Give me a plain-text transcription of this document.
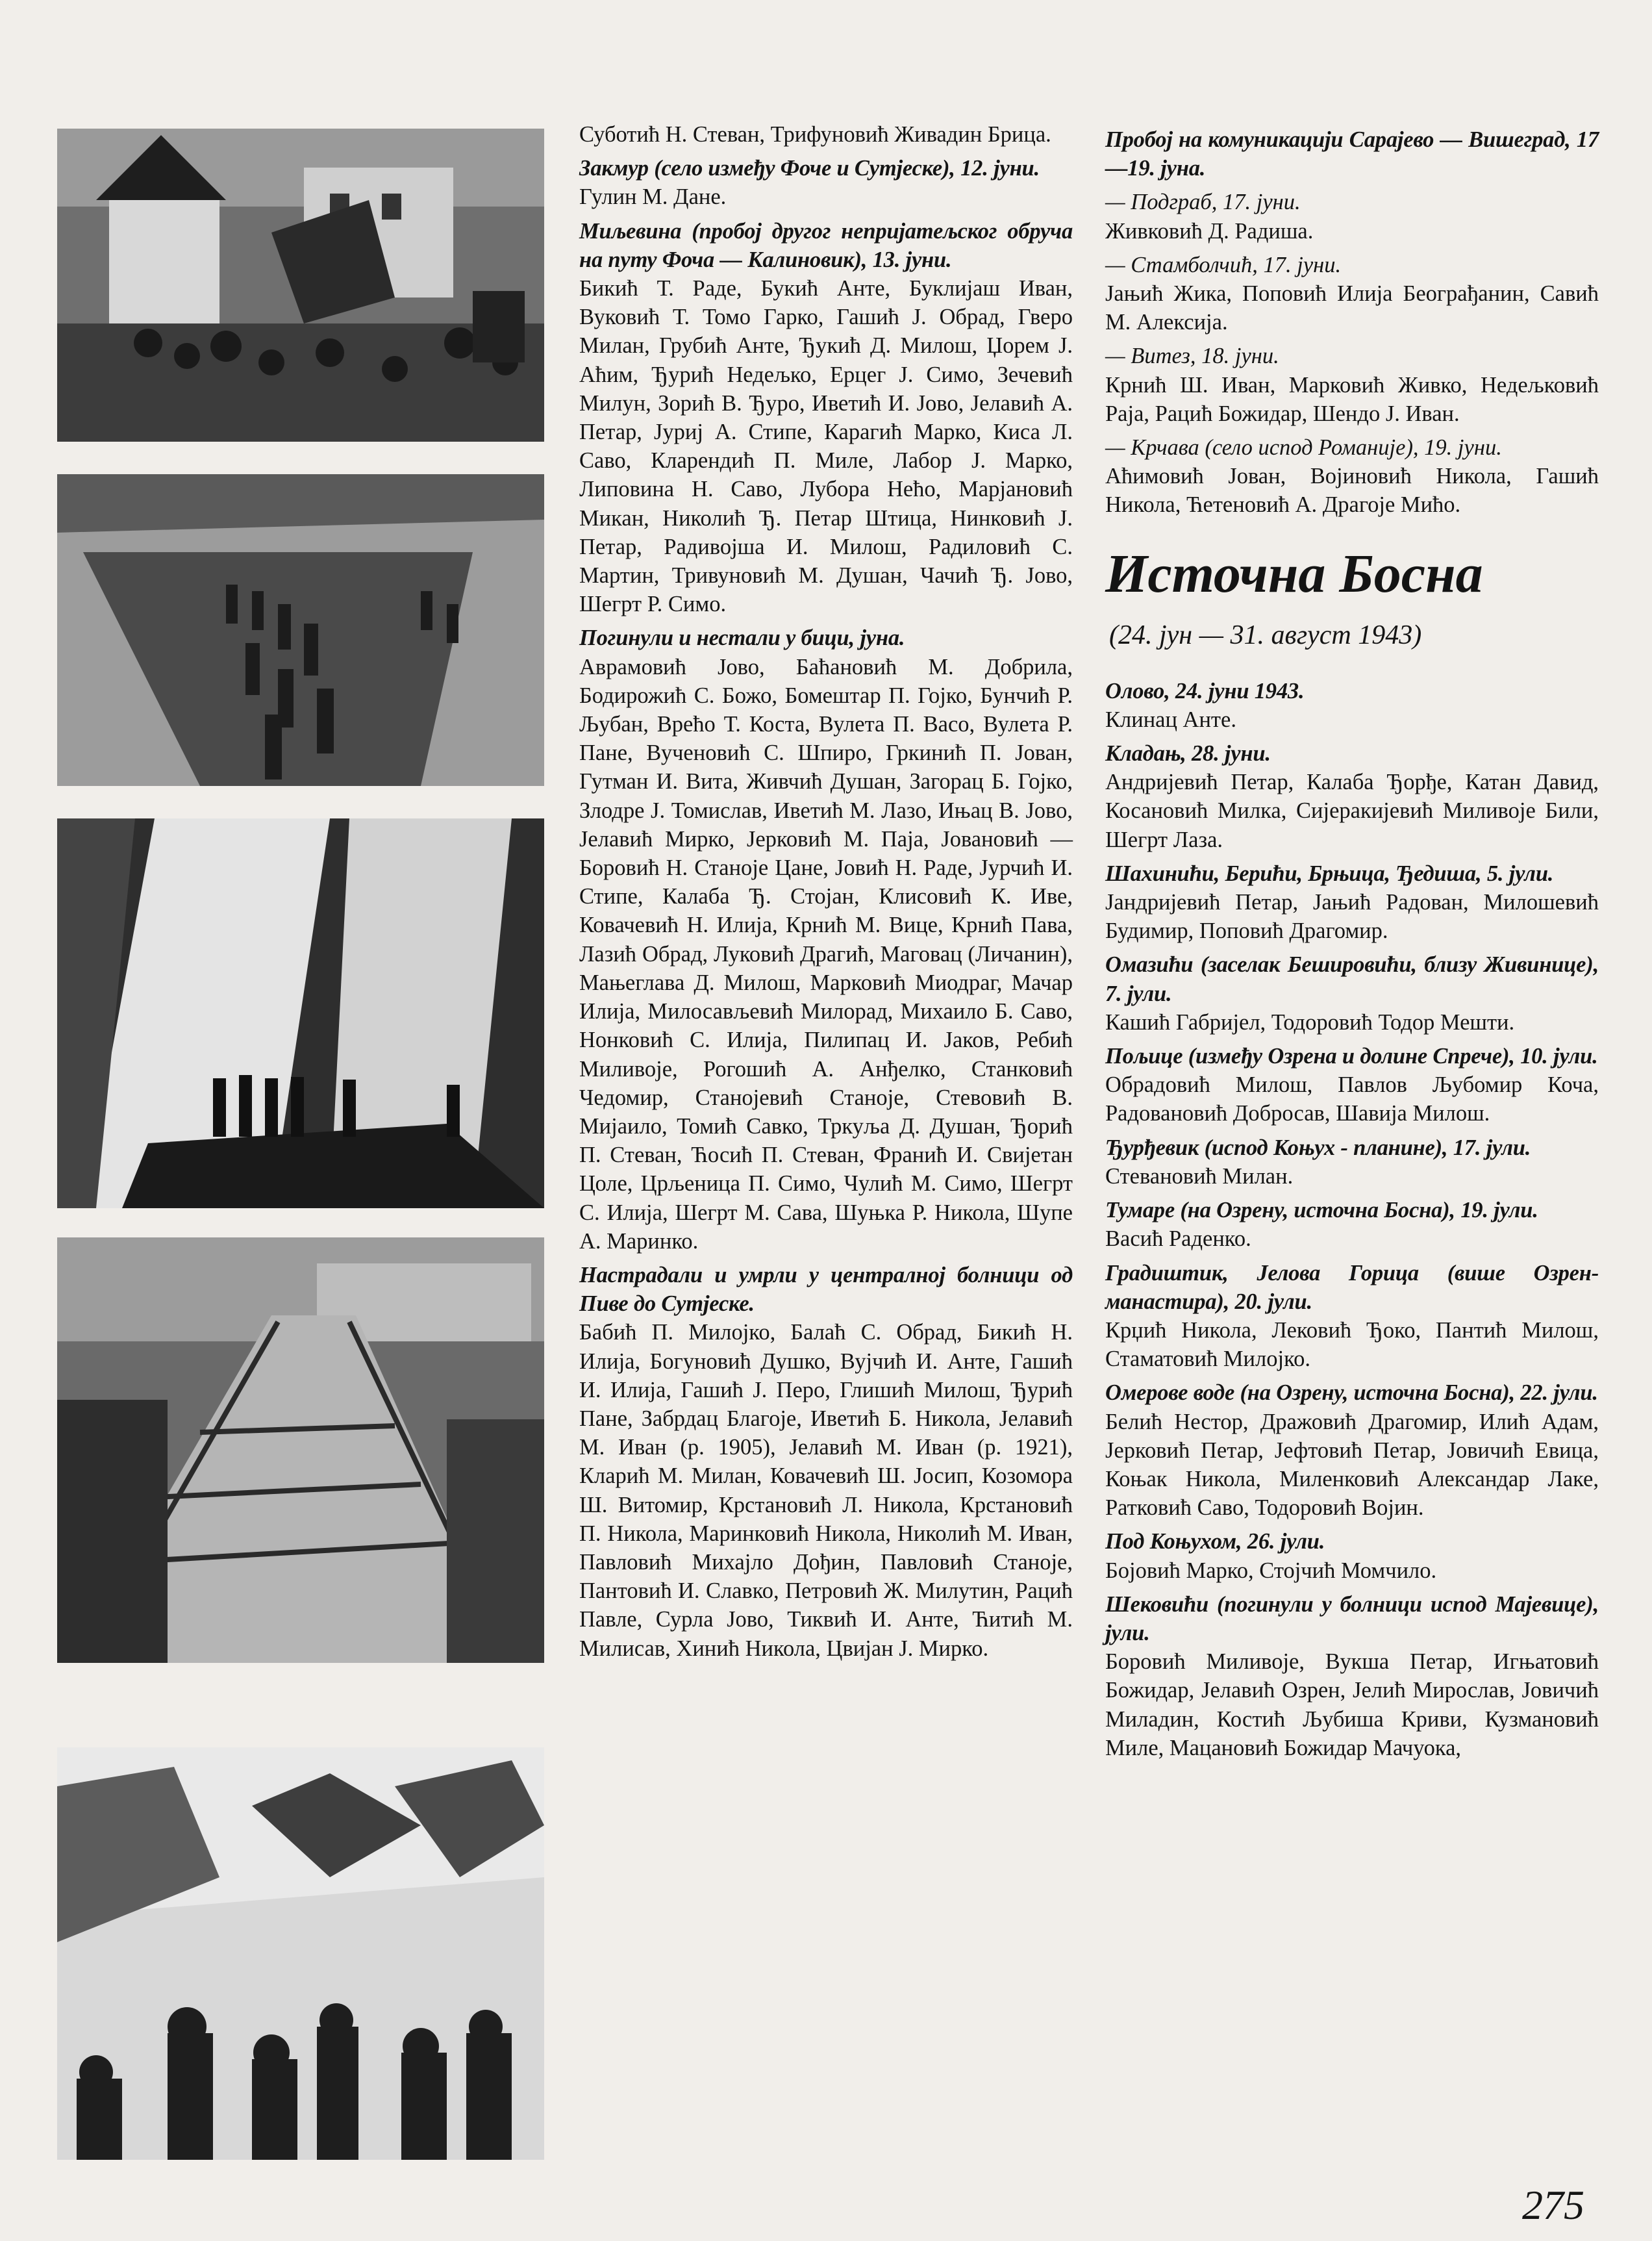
Суботић Н. Стеван, Трифуновић Живадин Брица.

Закмур (село између Фоче и Сутјеске), 12. јуни.

Гулин М. Дане.

Миљевина (пробој другог непријатељског обруча на путу Фоча — Калиновик), 13. јуни.

Бикић Т. Раде, Букић Анте, Буклијаш Иван, Вуковић Т. Томо Гарко, Гашић Ј. Обрад, Гверо Милан, Грубић Анте, Ђукић Д. Милош, Џорем Ј. Аћим, Ђурић Недељко, Ерцег Ј. Симо, Зечевић Милун, Зорић В. Ђуро, Иветић И. Јово, Јелавић А. Петар, Јуриј А. Стипе, Карагић Марко, Киса Л. Саво, Кларендић П. Миле, Лабор Ј. Марко, Липовина Н. Саво, Лубора Нећо, Марјановић Микан, Николић Ђ. Петар Штица, Нинковић Ј. Петар, Радивојша И. Милош, Радиловић С. Мартин, Тривуновић М. Душан, Чачић Ђ. Јово, Шегрт Р. Симо.

Погинули и нестали у бици, јуна.

Аврамовић Јово, Баћановић М. Добрила, Бодирожић С. Божо, Бомештар П. Гојко, Бунчић Р. Љубан, Врећо Т. Коста, Вулета П. Васо, Вулета Р. Пане, Вученовић С. Шпиро, Гркинић П. Јован, Гутман И. Вита, Живчић Душан, Загорац Б. Гојко, Злодре Ј. Томислав, Иветић М. Лазо, Ињац В. Јово, Јелавић Мирко, Јерковић М. Паја, Јовановић — Боровић Н. Станоје Цане, Јовић Н. Раде, Јурчић И. Стипе, Калаба Ђ. Стојан, Клисовић К. Иве, Ковачевић Н. Илија, Крнић М. Вице, Крнић Пава, Лазић Обрад, Луковић Драгић, Маговац (Личанин), Мањеглава Д. Милош, Марковић Миодраг, Мачар Илија, Милосављевић Милорад, Михаило Б. Саво, Нонковић С. Илија, Пилипац И. Јаков, Ребић Миливоје, Рогошић А. Анђелко, Станковић Чедомир, Станојевић Станоје, Стевовић В. Мијаило, Томић Савко, Тркуља Д. Душан, Ђорић П. Стеван, Ћосић П. Стеван, Франић И. Свијетан Цоле, Црљеница П. Симо, Чулић М. Симо, Шегрт С. Илија, Шегрт М. Сава, Шуњка Р. Никола, Шупе А. Маринко.

Настрадали и умрли у централној болници од Пиве до Сутјеске.

Бабић П. Милојко, Балаћ С. Обрад, Бикић Н. Илија, Богуновић Душко, Вујчић И. Анте, Гашић И. Илија, Гашић Ј. Перо, Глишић Милош, Ђурић Пане, Забрдац Благоје, Иветић Б. Никола, Јелавић М. Иван (р. 1905), Јелавић М. Иван (р. 1921), Кларић М. Милан, Ковачевић Ш. Јосип, Козомора Ш. Витомир, Крстановић Л. Никола, Крстановић П. Никола, Маринковић Никола, Николић М. Иван, Павловић Михајло Дођин, Павловић Станоје, Пантовић И. Славко, Петровић Ж. Милутин, Рацић Павле, Сурла Јово, Тиквић И. Анте, Ћитић М. Милисав, Хинић Никола, Цвијан Ј. Мирко.

Пробој на комуникацији Сарајево — Вишеград, 17—19. јуна.

— Подграб, 17. јуни.

Живковић Д. Радиша.

— Стамболчић, 17. јуни.

Јањић Жика, Поповић Илија Београђанин, Савић М. Алексија.

— Витез, 18. јуни.

Крнић Ш. Иван, Марковић Живко, Недељковић Раја, Рацић Божидар, Шендо Ј. Иван.

— Крчава (село испод Романије), 19. јуни.

Аћимовић Јован, Војиновић Никола, Гашић Никола, Ћетеновић А. Драгоје Мићо.

Источна Босна

(24. јун — 31. август 1943)

Олово, 24. јуни 1943.

Клинац Анте.

Кладањ, 28. јуни.

Андријевић Петар, Калаба Ђорђе, Катан Давид, Косановић Милка, Сијеракијевић Миливоје Били, Шегрт Лаза.

Шахинићи, Берићи, Брњица, Ђедиша, 5. јули.

Јандријевић Петар, Јањић Радован, Милошевић Будимир, Поповић Драгомир.

Омазићи (заселак Бешировићи, близу Живинице), 7. јули.

Кашић Габријел, Тодоровић Тодор Мешти.

Пољице (између Озрена и долине Спрече), 10. јули.

Обрадовић Милош, Павлов Љубомир Коча, Радовановић Добросав, Шавија Милош.

Ђурђевик (испод Коњух - планине), 17. јули.

Стевановић Милан.

Тумаре (на Озрену, источна Босна), 19. јули.

Васић Раденко.

Градиштик, Јелова Горица (више Озрен-манастира), 20. јули.

Крџић Никола, Лековић Ђоко, Пантић Милош, Стаматовић Милојко.

Омерове воде (на Озрену, источна Босна), 22. јули.

Белић Нестор, Дражовић Драгомир, Илић Адам, Јерковић Петар, Јефтовић Петар, Јовичић Евица, Коњак Никола, Миленковић Александар Лаке, Ратковић Саво, Тодоровић Војин.

Под Коњухом, 26. јули.

Бојовић Марко, Стојчић Момчило.

Шековићи (погинули у болници испод Мајевице), јули.

Боровић Миливоје, Вукша Петар, Игњатовић Божидар, Јелавић Озрен, Јелић Мирослав, Јовичић Миладин, Костић Љубиша Криви, Кузмановић Миле, Мацановић Божидар Мачуока,

275
